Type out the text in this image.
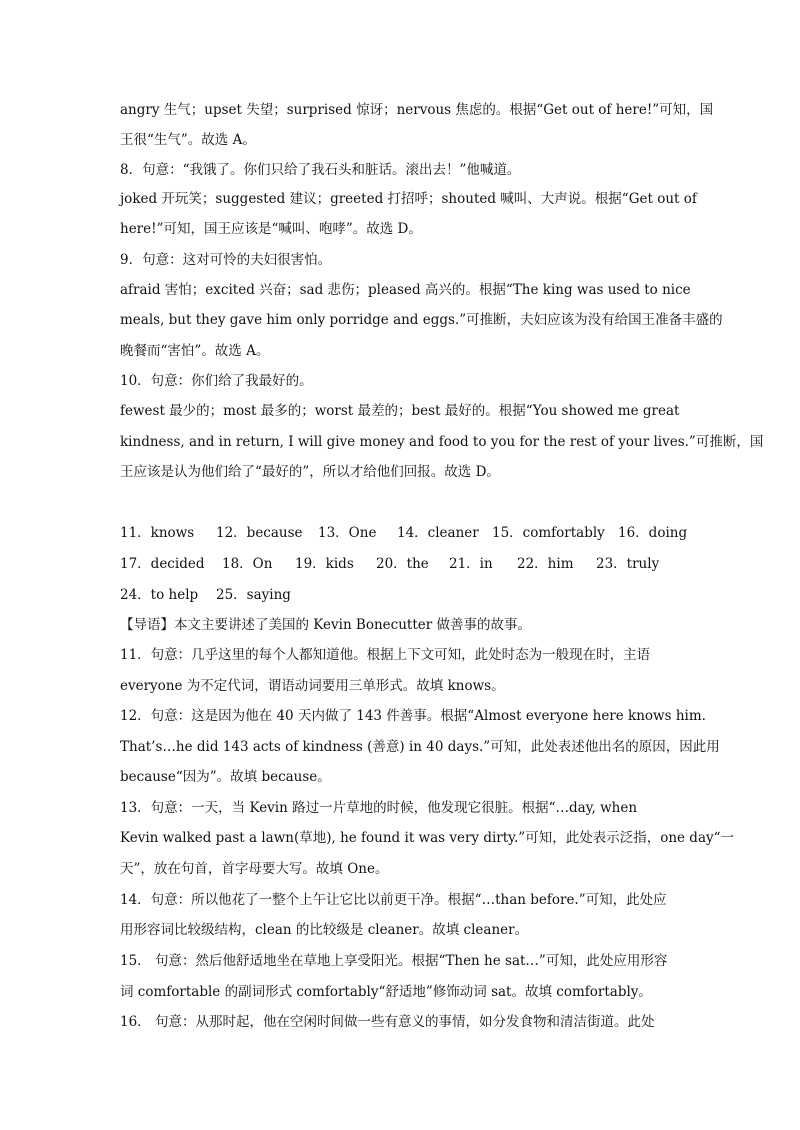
angry 生气；upset 失望；surprised 惊讶；nervous 焦虑的。根据“Get out of here!”可知，国
王很“生气”。故选 A。
8．句意：“我饿了。你们只给了我石头和脏话。滚出去！”他喊道。
joked 开玩笑；suggested 建议；greeted 打招呼；shouted 喊叫、大声说。根据“Get out of
here!”可知，国王应该是“喊叫、咆哮”。故选 D。
9．句意：这对可怜的夫妇很害怕。
afraid 害怕；excited 兴奋；sad 悲伤；pleased 高兴的。根据“The king was used to nice
meals, but they gave him only porridge and eggs.”可推断，夫妇应该为没有给国王准备丰盛的
晚餐而“害怕”。故选 A。
10．句意：你们给了我最好的。
fewest 最少的；most 最多的；worst 最差的；best 最好的。根据“You showed me great
kindness, and in return, I will give money and food to you for the rest of your lives.”可推断，国
王应该是认为他们给了“最好的”，所以才给他们回报。故选 D。
11．knows 12．because 13．One 14．cleaner 15．comfortably 16．doing
17．decided 18．On 19．kids 20．the 21．in 22．him 23．truly
24．to help 25．saying
【导语】本文主要讲述了美国的 Kevin Bonecutter 做善事的故事。
11．句意：几乎这里的每个人都知道他。根据上下文可知，此处时态为一般现在时，主语
everyone 为不定代词，谓语动词要用三单形式。故填 knows。
12．句意：这是因为他在 40 天内做了 143 件善事。根据“Almost everyone here knows him.
That’s…he did 143 acts of kindness (善意) in 40 days.”可知，此处表述他出名的原因，因此用
because“因为”。故填 because。
13．句意：一天，当 Kevin 路过一片草地的时候，他发现它很脏。根据“…day, when
Kevin walked past a lawn(草地), he found it was very dirty.”可知，此处表示泛指，one day“一
天”，放在句首，首字母要大写。故填 One。
14．句意：所以他花了一整个上午让它比以前更干净。根据“…than before.”可知，此处应
用形容词比较级结构，clean 的比较级是 cleaner。故填 cleaner。
15． 句意：然后他舒适地坐在草地上享受阳光。根据“Then he sat…”可知，此处应用形容
词 comfortable 的副词形式 comfortably“舒适地”修饰动词 sat。故填 comfortably。
16． 句意：从那时起，他在空闲时间做一些有意义的事情，如分发食物和清洁街道。此处
